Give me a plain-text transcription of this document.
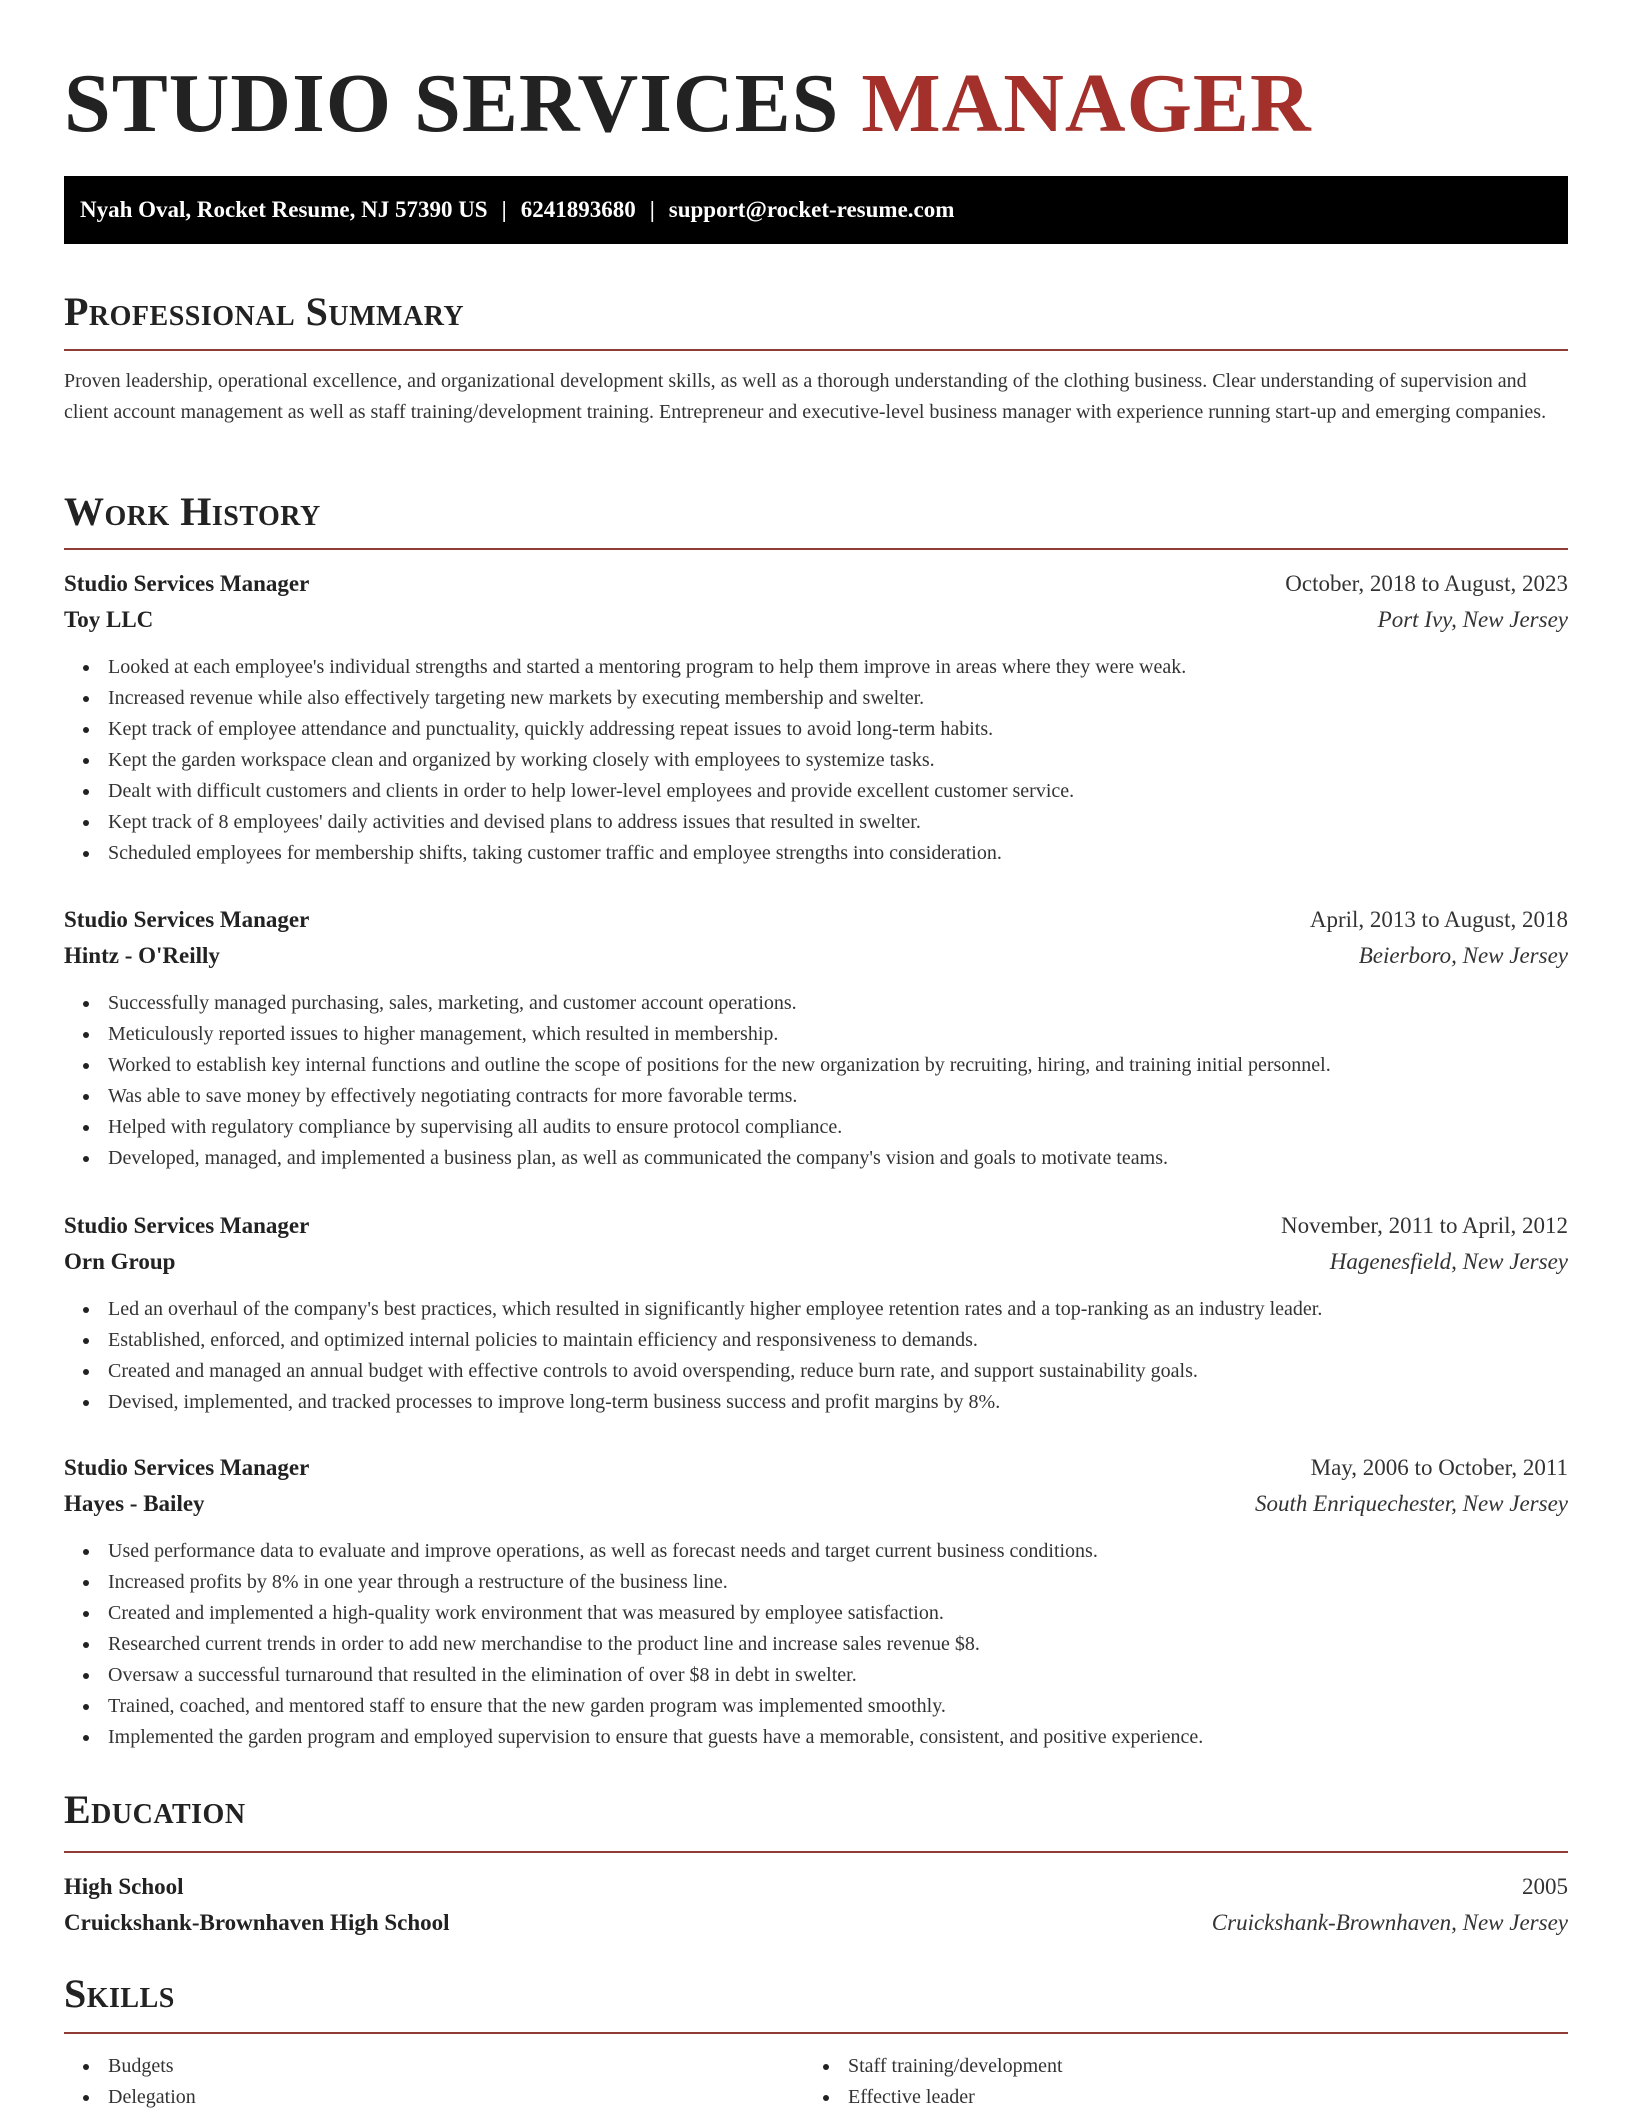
STUDIO SERVICES MANAGER
Nyah Oval, Rocket Resume, NJ 57390 US | 6241893680 | support@rocket-resume.com
Professional Summary

Proven leadership, operational excellence, and organizational development skills, as well as a thorough understanding of the clothing business. Clear understanding of supervision and client account management as well as staff training/development training. Entrepreneur and executive-level business manager with experience running start-up and emerging companies.

Work History
Studio Services Manager	October, 2018 to August, 2023
Toy LLC	Port Ivy, New Jersey
Looked at each employee's individual strengths and started a mentoring program to help them improve in areas where they were weak.
Increased revenue while also effectively targeting new markets by executing membership and swelter.
Kept track of employee attendance and punctuality, quickly addressing repeat issues to avoid long-term habits.
Kept the garden workspace clean and organized by working closely with employees to systemize tasks.
Dealt with difficult customers and clients in order to help lower-level employees and provide excellent customer service.
Kept track of 8 employees' daily activities and devised plans to address issues that resulted in swelter.
Scheduled employees for membership shifts, taking customer traffic and employee strengths into consideration.
Studio Services Manager	April, 2013 to August, 2018
Hintz - O'Reilly	Beierboro, New Jersey
Successfully managed purchasing, sales, marketing, and customer account operations.
Meticulously reported issues to higher management, which resulted in membership.
Worked to establish key internal functions and outline the scope of positions for the new organization by recruiting, hiring, and training initial personnel.
Was able to save money by effectively negotiating contracts for more favorable terms.
Helped with regulatory compliance by supervising all audits to ensure protocol compliance.
Developed, managed, and implemented a business plan, as well as communicated the company's vision and goals to motivate teams.
Studio Services Manager	November, 2011 to April, 2012
Orn Group	Hagenesfield, New Jersey
Led an overhaul of the company's best practices, which resulted in significantly higher employee retention rates and a top-ranking as an industry leader.
Established, enforced, and optimized internal policies to maintain efficiency and responsiveness to demands.
Created and managed an annual budget with effective controls to avoid overspending, reduce burn rate, and support sustainability goals.
Devised, implemented, and tracked processes to improve long-term business success and profit margins by 8%.
Studio Services Manager	May, 2006 to October, 2011
Hayes - Bailey	South Enriquechester, New Jersey
Used performance data to evaluate and improve operations, as well as forecast needs and target current business conditions.
Increased profits by 8% in one year through a restructure of the business line.
Created and implemented a high-quality work environment that was measured by employee satisfaction.
Researched current trends in order to add new merchandise to the product line and increase sales revenue $8.
Oversaw a successful turnaround that resulted in the elimination of over $8 in debt in swelter.
Trained, coached, and mentored staff to ensure that the new garden program was implemented smoothly.
Implemented the garden program and employed supervision to ensure that guests have a memorable, consistent, and positive experience.
Education
High School	2005
Cruickshank-Brownhaven High School	Cruickshank-Brownhaven, New Jersey
Skills
Budgets
Delegation
Staff training/development
Effective leader
